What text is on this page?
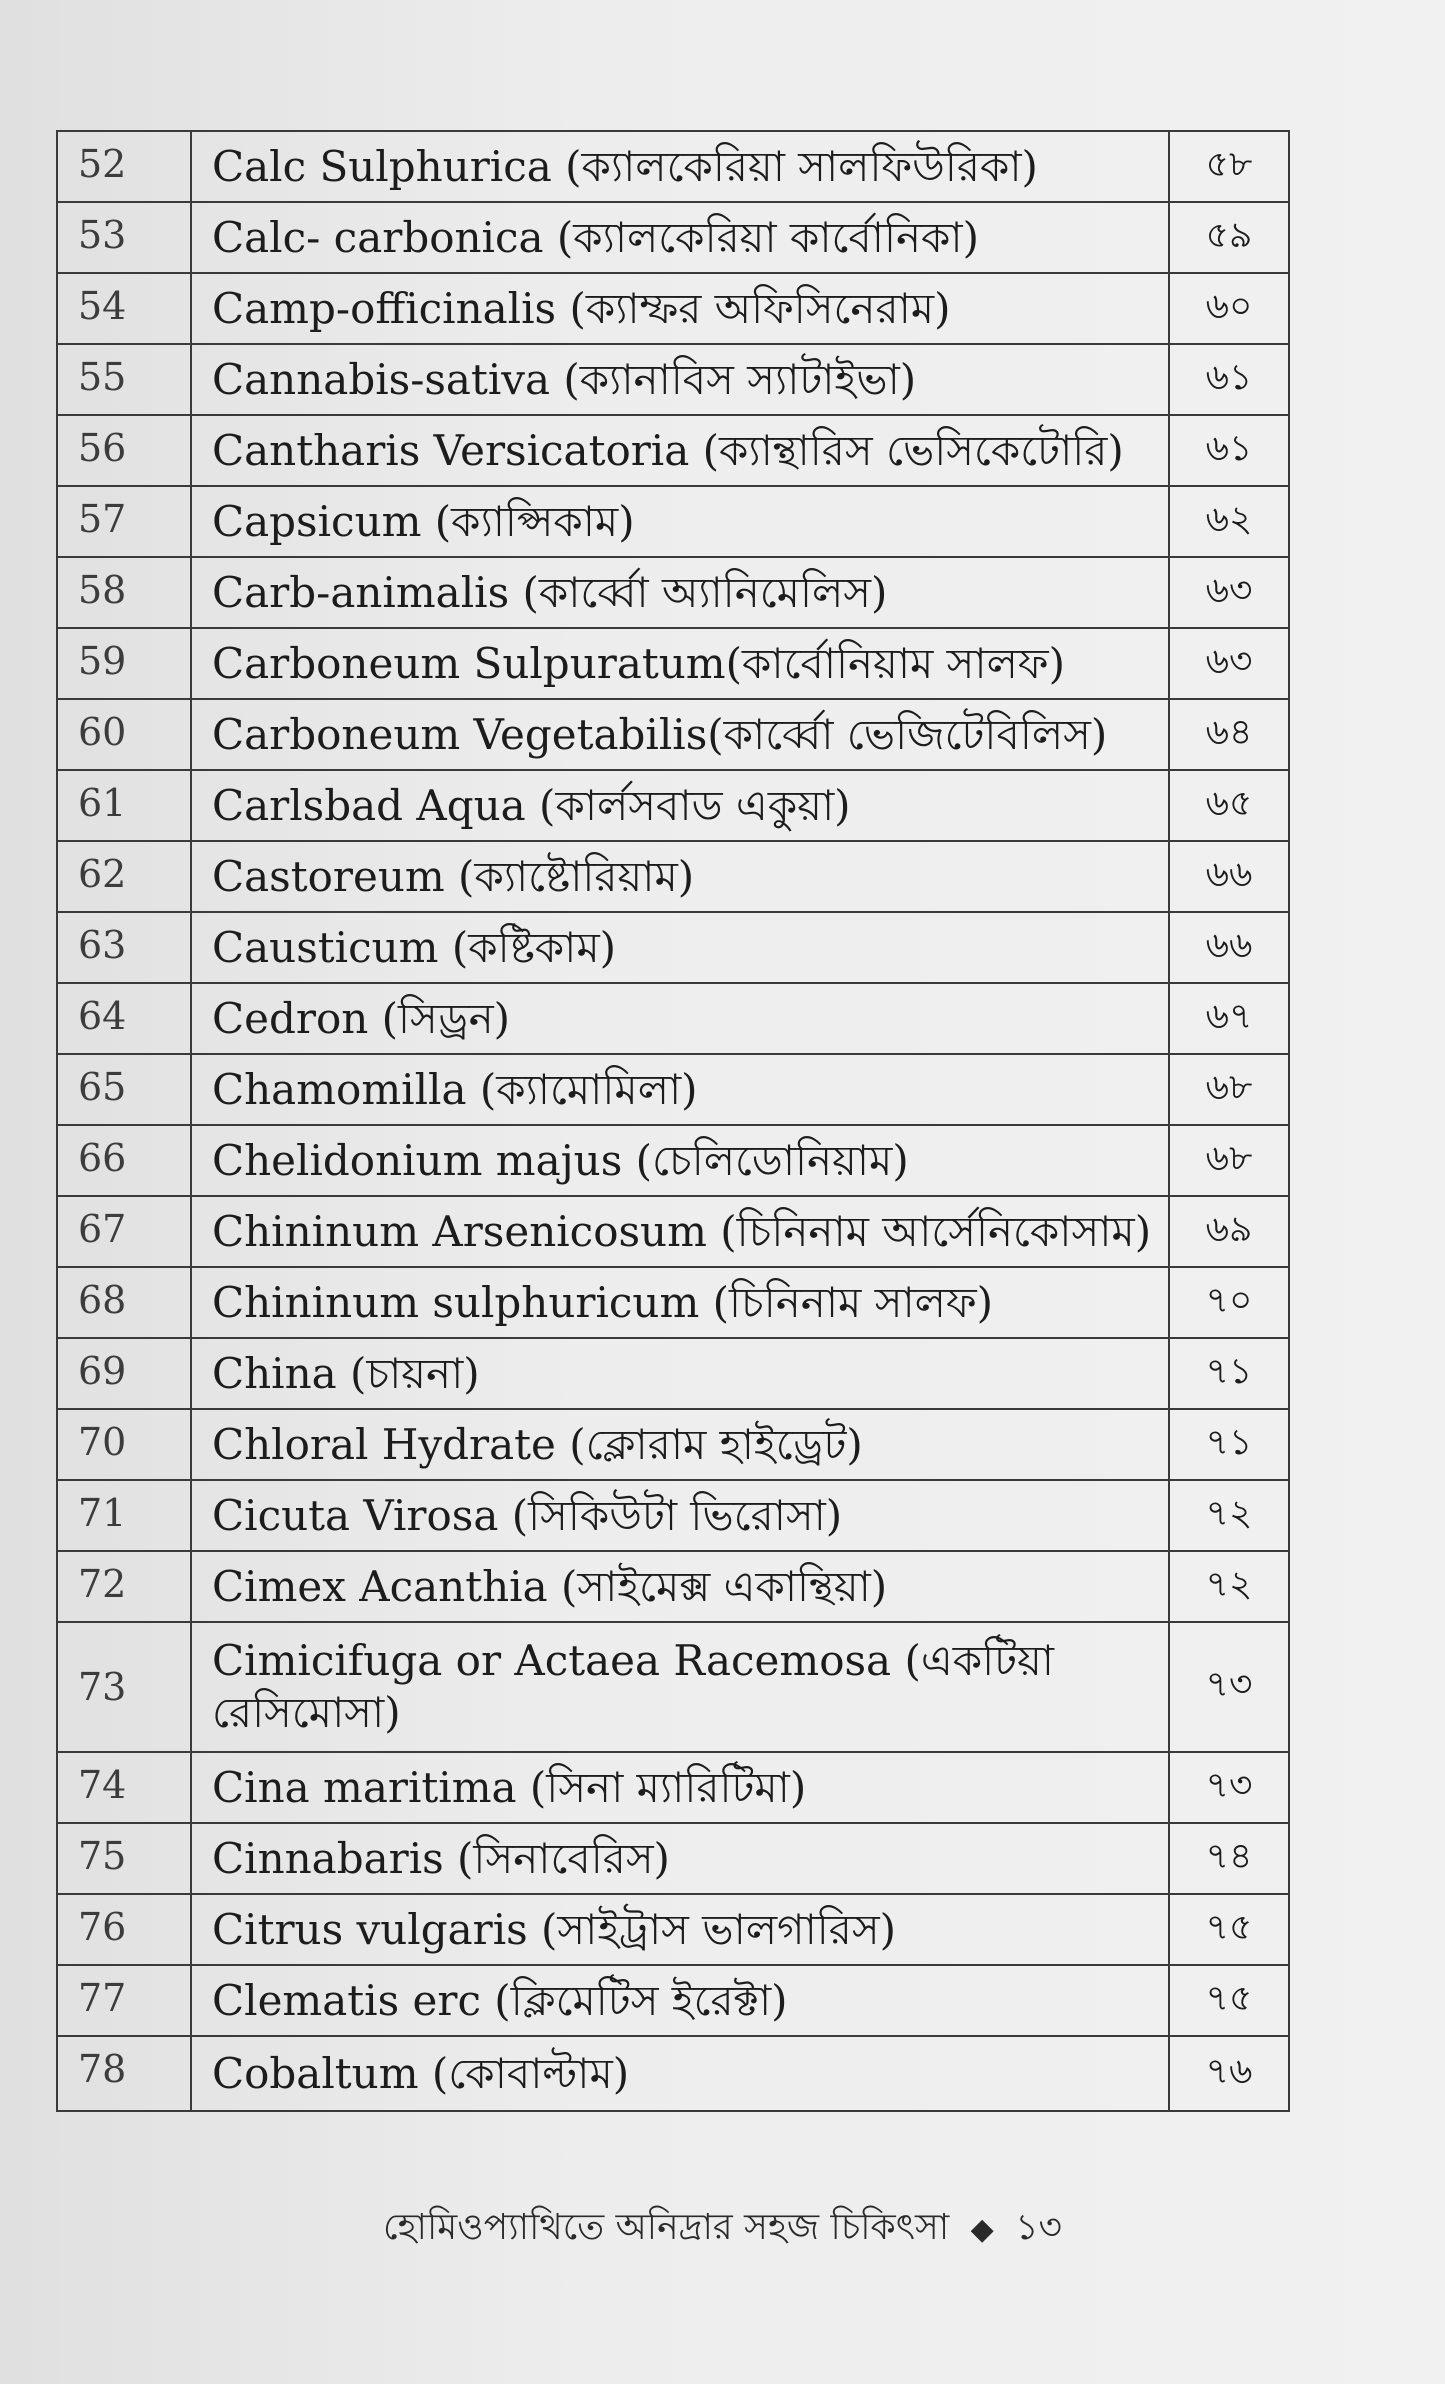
52	Calc Sulphurica (ক্যালকেরিয়া সালফিউরিকা)	৫৮
53	Calc- carbonica (ক্যালকেরিয়া কার্বোনিকা)	৫৯
54	Camp-officinalis (ক্যাম্ফর অফিসিনেরাম)	৬০
55	Cannabis-sativa (ক্যানাবিস স্যাটাইভা)	৬১
56	Cantharis Versicatoria (ক্যান্থারিস ভেসিকেটোরি)	৬১
57	Capsicum (ক্যাপ্সিকাম)	৬২
58	Carb-animalis (কার্ব্বো অ্যানিমেলিস)	৬৩
59	Carboneum Sulpuratum(কার্বোনিয়াম সালফ)	৬৩
60	Carboneum Vegetabilis(কার্ব্বো ভেজিটেবিলিস)	৬৪
61	Carlsbad Aqua (কার্লসবাড একুয়া)	৬৫
62	Castoreum (ক্যাষ্টোরিয়াম)	৬৬
63	Causticum (কষ্টিকাম)	৬৬
64	Cedron (সিড্রন)	৬৭
65	Chamomilla (ক্যামোমিলা)	৬৮
66	Chelidonium majus (চেলিডোনিয়াম)	৬৮
67	Chininum Arsenicosum (চিনিনাম আর্সেনিকোসাম)	৬৯
68	Chininum sulphuricum (চিনিনাম সালফ)	৭০
69	China (চায়না)	৭১
70	Chloral Hydrate (ক্লোরাম হাইড্রেট)	৭১
71	Cicuta Virosa (সিকিউটা ভিরোসা)	৭২
72	Cimex Acanthia (সাইমেক্স একান্থিয়া)	৭২
73	Cimicifuga or Actaea Racemosa (একটিয়া রেসিমোসা)	৭৩
74	Cina maritima (সিনা ম্যারিটিমা)	৭৩
75	Cinnabaris (সিনাবেরিস)	৭৪
76	Citrus vulgaris (সাইট্রাস ভালগারিস)	৭৫
77	Clematis erc (ক্লিমেটিস ইরেক্টা)	৭৫
78	Cobaltum (কোবাল্টাম)	৭৬
হোমিওপ্যাথিতে অনিদ্রার সহজ চিকিৎসা ◆ ১৩
